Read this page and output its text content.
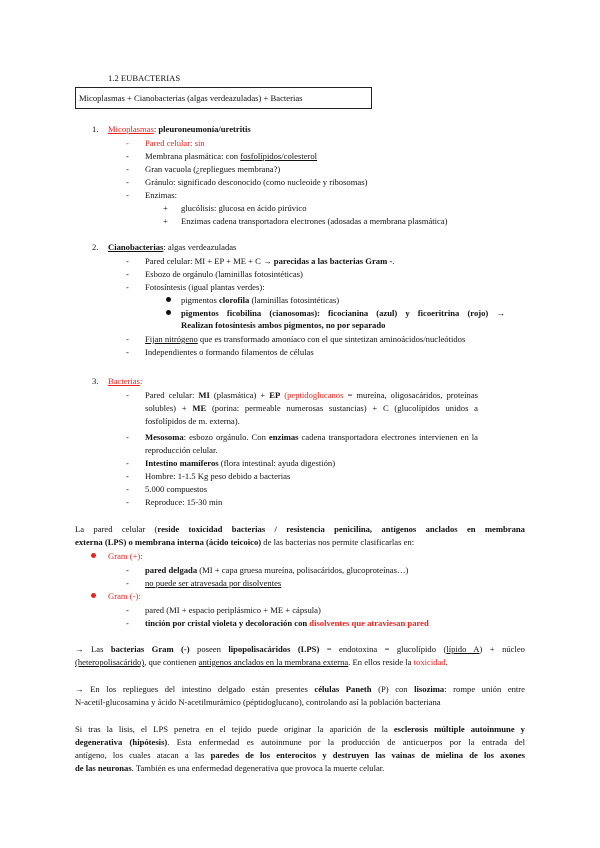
1.2 EUBACTERIAS
Micoplasmas + Cianobacterias (algas verdeazuladas) + Bacterias
1. Micoplasmas: pleuroneumonía/uretritis
-	Pared celular: sin
-	Membrana plasmática: con fosfolípidos/colesterol
-	Gran vacuola (¿repliegues membrana?)
-	Gránulo: significado desconocido (como nucleoide y ribosomas)
-	Enzimas:
+ glucólisis: glucosa en ácido pirúvico
+ Enzimas cadena transportadora electrones (adosadas a membrana plasmática)
2. Cianobacterias: algas verdeazuladas
-	Pared celular: MI + EP + ME + C → parecidas a las bacterias Gram -.
-	Esbozo de orgánulo (laminillas fotosintéticas)
-	Fotosíntesis (igual plantas verdes):
pigmentos clorofila (laminillas fotosintéticas)
pigmentos ficobilina (cianosomas): ficocianina (azul) y ficoeritrina (rojo) →
Realizan fotosíntesis ambos pigmentos, no por separado
-	Fijan nitrógeno que es transformado amoníaco con el que sintetizan aminoácidos/nucleótidos
-	Independientes o formando filamentos de células
3. Bacterias:
-	Pared celular: MI (plasmática) + EP (peptidoglucanos = mureína, oligosacáridos, proteínas
solubles) + ME (porina: permeable numerosas sustancias) + C (glucolípidos unidos a
fosfolípidos de m. externa).
-	Mesosoma: esbozo orgánulo. Con enzimas cadena transportadora electrones intervienen en la
reproducción celular.
-	Intestino mamíferos (flora intestinal: ayuda digestión)
-	Hombre: 1-1.5 Kg peso debido a bacterias
-	5.000 compuestos
-	Reproduce: 15-30 min
La pared celular (reside toxicidad bacterias / resistencia penicilina, antígenos anclados en membrana
externa (LPS) o membrana interna (ácido teicoico) de las bacterias nos permite clasificarlas en:
Gram (+):
-	pared delgada (MI + capa gruesa mureína, polisacáridos, glucoproteínas…)
-	no puede ser atravesada por disolventes
Gram (-):
-	pared (MI + espacio periplásmico + ME + cápsula)
-	tinción por cristal violeta y decoloración con disolventes que atraviesan pared
→ Las bacterias Gram (-) poseen lipopolisacáridos (LPS) = endotoxina = glucolípido (lípido A) + núcleo
(heteropolisacárido), que contienen antígenos anclados en la membrana externa. En ellos reside la toxicidad.
→ En los repliegues del intestino delgado están presentes células Paneth (P) con lisozima: rompe unión entre
N-acetil-glucosamina y ácido N-acetilmurámico (péptidoglucano), controlando así la población bacteriana
Si tras la lisis, el LPS penetra en el tejido puede originar la aparición de la esclerosis múltiple autoinmune y
degenerativa (hipótesis). Esta enfermedad es autoinmune por la producción de anticuerpos por la entrada del
antígeno, los cuales atacan a las paredes de los enterocitos y destruyen las vainas de mielina de los axones
de las neuronas. También es una enfermedad degenerativa que provoca la muerte celular.
